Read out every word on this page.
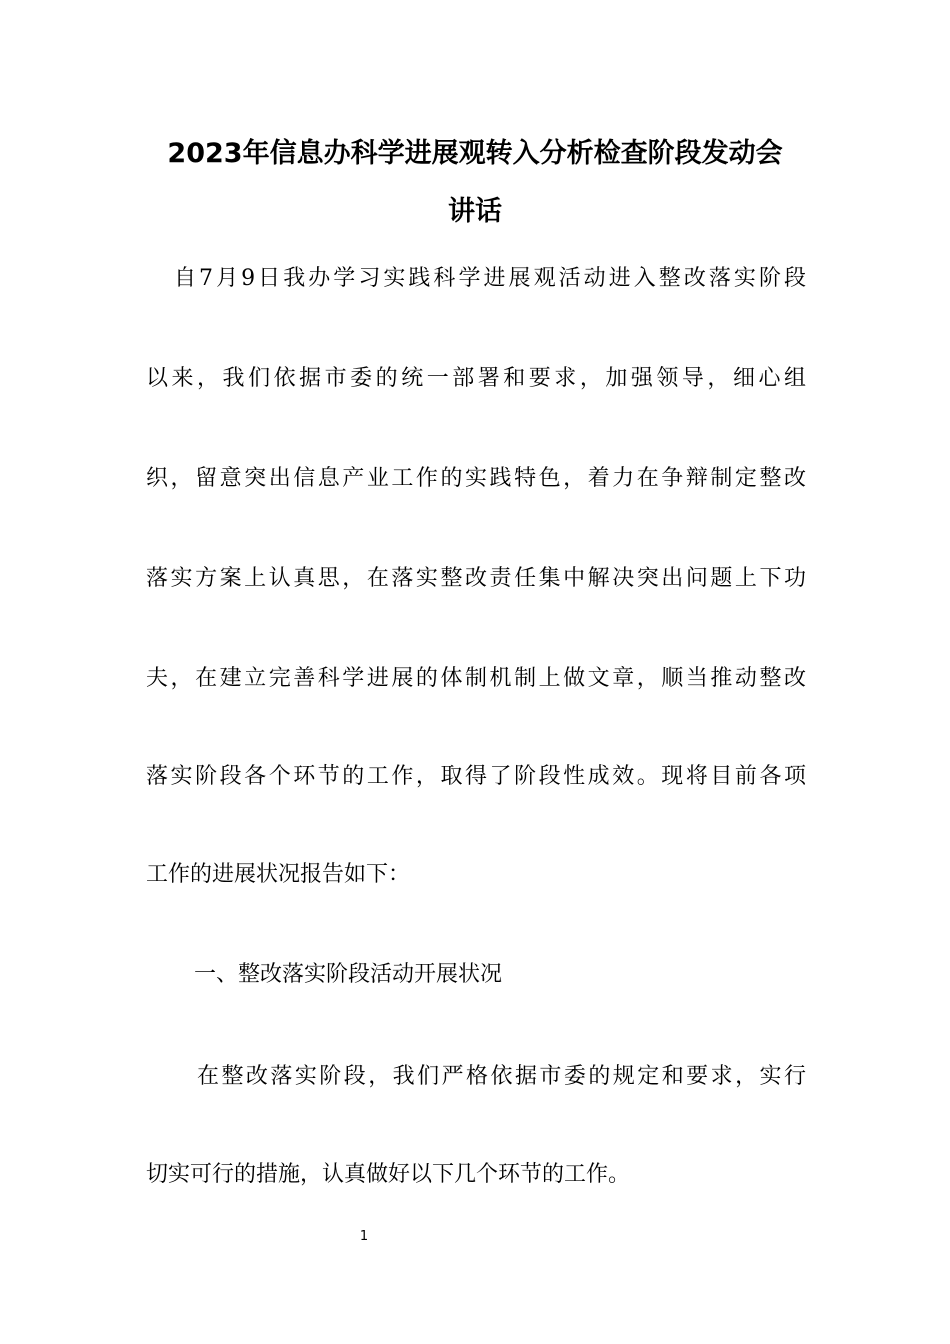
2023年信息办科学进展观转入分析检查阶段发动会
讲话
自7月9日我办学习实践科学进展观活动进入整改落实阶段
以来，我们依据市委的统一部署和要求，加强领导，细心组
织，留意突出信息产业工作的实践特色，着力在争辩制定整改
落实方案上认真思，在落实整改责任集中解决突出问题上下功
夫，在建立完善科学进展的体制机制上做文章，顺当推动整改
落实阶段各个环节的工作，取得了阶段性成效。现将目前各项
工作的进展状况报告如下：
一、整改落实阶段活动开展状况
在整改落实阶段，我们严格依据市委的规定和要求，实行
切实可行的措施，认真做好以下几个环节的工作。
1
